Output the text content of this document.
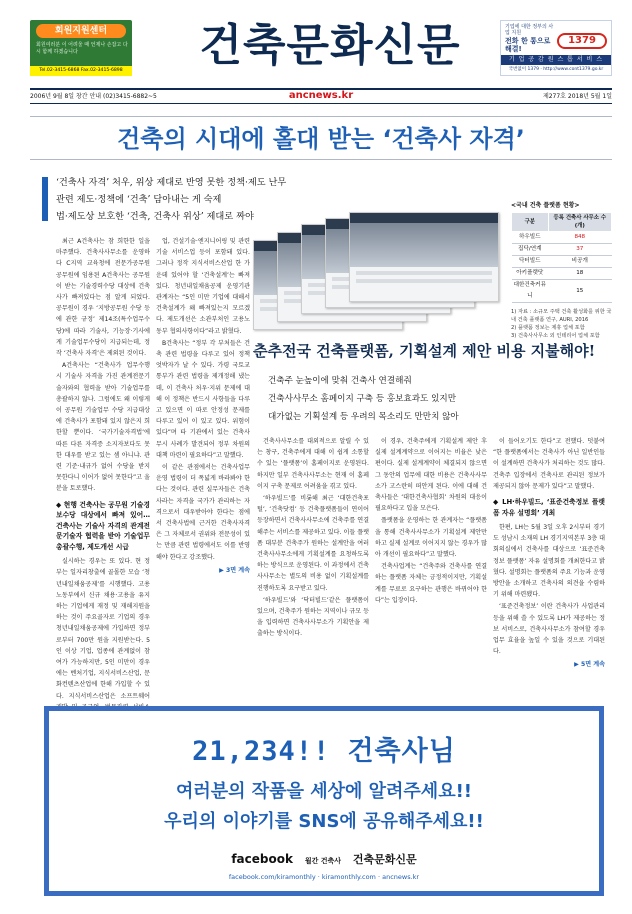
회원지원센터
회원여러분 이 어려울 때 언제나 손잡고 다시 함께 하겠습니다
Tel.02-3415-6868 Fax.02-3415-6898	건축문화신문	기업에 대한 정부의 사업 지원
전화 한 통으로 해결!
1379
기 업 공 감 원 스 톱 서 비 스
국번없이 1379 · http://www.cont1379.go.kr
2006년 9월 8일 창간 안내 (02)3415-6882~5	ancnews.kr	제277호 2018년 5월 1일
건축의 시대에 홀대 받는 ‘건축사 자격’
‘건축사 자격’ 처우, 위상 제대로 반영 못한 정책·제도 난무
관련 제도·정책에 ‘건축’ 담아내는 게 숙제
법·제도상 보호한 ‘건축, 건축사 위상’ 제대로 짜야

최근 A건축사는 참 희한한 일을 마주했다. 건축사사무소를 운영하다 C지역 교육청에 전문가공무원 공무원에 임용된 A건축사는 공무원이 받는 기술경력수당 대상에 건축사가 빠져있다는 점 알게 되었다. 공무원이 경우 ‘지방공무원 수당 등에 관한 규정’ 제14조(특수업무수당)에 따라 기술사, 기능장·기사에게 기술업무수당이 지급되는데, 정작 ‘건축사 자격’은 제외된 것이다.

A건축사는 “건축사가 업무수행 시 기술사 자격을 가진 관계전문기술자와의 협력을 받아 기술업무를 총괄하지 않나. 그럼에도 왜 이렇게 이 공무원 기술업무 수당 지급대상에 건축사가 포함돼 있지 않은지 희한할 뿐이다. ‘국가기술자격법’에 따른 다른 자격증 소지자보다도 못한 대우를 받고 있는 셈 아니냐. 관련 기준·내규가 없어 수당을 받지 못한다니 이어가 없어 못한다”고 울분을 토로했다.

◆ 현행 건축사는 공무원 기술경보수당 대상에서 빠져 있어… 건축사는 기술사 자격의 관계전문기술자 협력을 받아 기술업무 총괄수행, 제도개선 시급

실시하는 경우는 또 있다. 현 정부는 일자리창출에 골몰한 모습 ‘청년내일채움공제’를 시행했다. 고용노동부에서 신규 채용·고용을 유지하는 기업에게 재정 및 재해지원을 하는 것이 주요골자로 기업의 경우 청년내일채움공제에 가입하면 정부로부터 700만 원을 지원받는다. 5인 이상 기업, 업종에 관계없이 참여가 가능하지만, 5인 미만이 경우에는 벤처기업, 지식서비스산업, 문화컨텐츠산업에 한해 가입할 수 있다. 지식서비스산업은 소프트웨어

업, 건설기술·엔지니어링 및 관련 기술 서비스업 등이 포함돼 있다. 그러나 정작 지식서비스산업 한 가운데 있어야 할 ‘건축설계’는 빠져 있다. 청년내일채움공제 운영기관 관계자는 “5인 미만 기업에 대해서 건축설계가 왜 빠져있는지 모르겠다. 제도개선은 소관부처인 고용노동부 협의사항이다”라고 밝혔다.

B건축사는 “정부 각 부처들은 건축 관련 법령을 다루고 있어 정책 엇박자가 날 수 있다. 가령 국토교통부가 관련 법령을 제개정해 냈는데, 이 건축사 처우·지위 문제에 대해 이 정책은 반드시 사항들을 다루고 있으면 이 따로 안정성 문제를 다루고 있어 이 있고 있다. 위험이 있다”며 타 기관에서 있는 건축사 무시 사례가 발견되어 정부 차원의 대책 마련이 필요하다”고 말했다.

이 같은 관점에서는 건축사업무운영 법령이 더 폭넓게 바라봐야 한다는 것이다. 관련 실무자들은 건축사라는 자격을 국가가 관리하는 자격으로서 대우받아야 한다는 점에서 건축사법에 근거한 건축사자격은 그 자체로서 권위와 전문성이 있는 만큼 관련 법령에서도 이를 반영해야 한다고 강조했다.

▶ 3면 계속

<국내 건축 플랫폼 현황>
구분	등록 건축사 사무소 수(개)
하우빌드	848
집닥/연계	37
닥터빌드	비공개
아키플랫닷	18
대한건축커뮤니	15
1) 자료 : 소규모 주택 건축 활성화를 위한 국내 건축 플랫폼 연구, AURI, 2016
2) 플랫폼 정보는 제휴 업체 포함
3) 건축사사무소 외 인테리어 업체 포함
춘추전국 건축플랫폼, 기획설계 제안 비용 지불해야!
건축주 눈높이에 맞춰 건축사 연결해줘
건축사사무소 홈페이지 구축 등 홍보효과도 있지만
대가없는 기획설계 등 우려의 목소리도 만만치 않아

건축사사무소를 대외적으로 알릴 수 있는 창구, 건축주에게 대해 이 쉽게 소통할 수 있는 ‘플랫폼’이 홈페이지로 운영된다. 하지만 일부 건축사사무소는 현재 이 홈페이지 구축 문제로 어려움을 겪고 있다.

‘하우빌드’를 비롯해 최근 ‘대한건축포털’, ‘건축닷컴’ 등 건축플랫폼들이 연이어 등장하면서 건축사사무소에 건축주를 연결해주는 서비스를 제공하고 있다. 이들 플랫폼 대부분 건축주가 원하는 설계안을 여러 건축사사무소에게 기획설계를 요청하도록 하는 방식으로 운영된다. 이 과정에서 건축사사무소는 별도의 비용 없이 기획설계를 진행하도록 요구받고 있다.

‘하우빌드’와 ‘닥터빌드’같은 플랫폼이 있으며, 건축주가 원하는 지역이나 규모 등을 입력하면 건축사사무소가 기획안을 제출하는 방식이다.

이 경우, 건축주에게 기획설계 제안 후 실제 설계계약으로 이어지는 비율은 낮은 편이다. 실제 설계계약이 체결되지 않으면 그 동안의 업무에 대한 비용은 건축사사무소가 고스란히 떠안게 된다. 이에 대해 건축사들은 ‘대한건축사협회’ 차원의 대응이 필요하다고 입을 모은다.

플랫폼을 운영하는 한 관계자는 “플랫폼을 통해 건축사사무소가 기획설계 제안만 하고 실제 설계로 이어지지 않는 경우가 많아 개선이 필요하다”고 말했다.

건축사업계는 “건축주와 건축사를 연결하는 플랫폼 자체는 긍정적이지만, 기획설계를 무료로 요구하는 관행은 바뀌어야 한다”는 입장이다.

이 들어오기도 한다”고 전했다. 덧붙여 “한 플랫폼에서는 건축사가 아닌 일반인들이 설계하면 건축사가 처리하는 것도 많다. 건축주 입장에서 건축사로 관리된 정보가 제공되지 않아 문제가 있다”고 말했다.

◆ LH·하우빌드, ‘표준건축정보 플랫폼 자유 설명회’ 개최

한편, LH는 5월 3일 오후 2시부터 경기도 성남시 소재의 LH 경기지역본부 3층 대회의실에서 건축사를 대상으로 ‘표준건축정보 플랫폼’ 자유 설명회를 개최한다고 밝혔다. 설명회는 플랫폼의 주요 기능과 운영방안을 소개하고 건축사의 의견을 수렴하기 위해 마련됐다.

‘표준건축정보’ 이란 건축사가 사업관리 등을 위해 쓸 수 있도록 LH가 제공하는 정보 서비스로, 건축사사무소가 참여할 경우 업무 효율을 높일 수 있을 것으로 기대된다.

▶ 5면 계속

21,234!! 건축사님
여러분의 작품을 세상에 알려주세요!!
우리의 이야기를 SNS에 공유해주세요!!
facebook 월간 건축사 건축문화신문
facebook.com/kiramonthly · kiramonthly.com · ancnews.kr
